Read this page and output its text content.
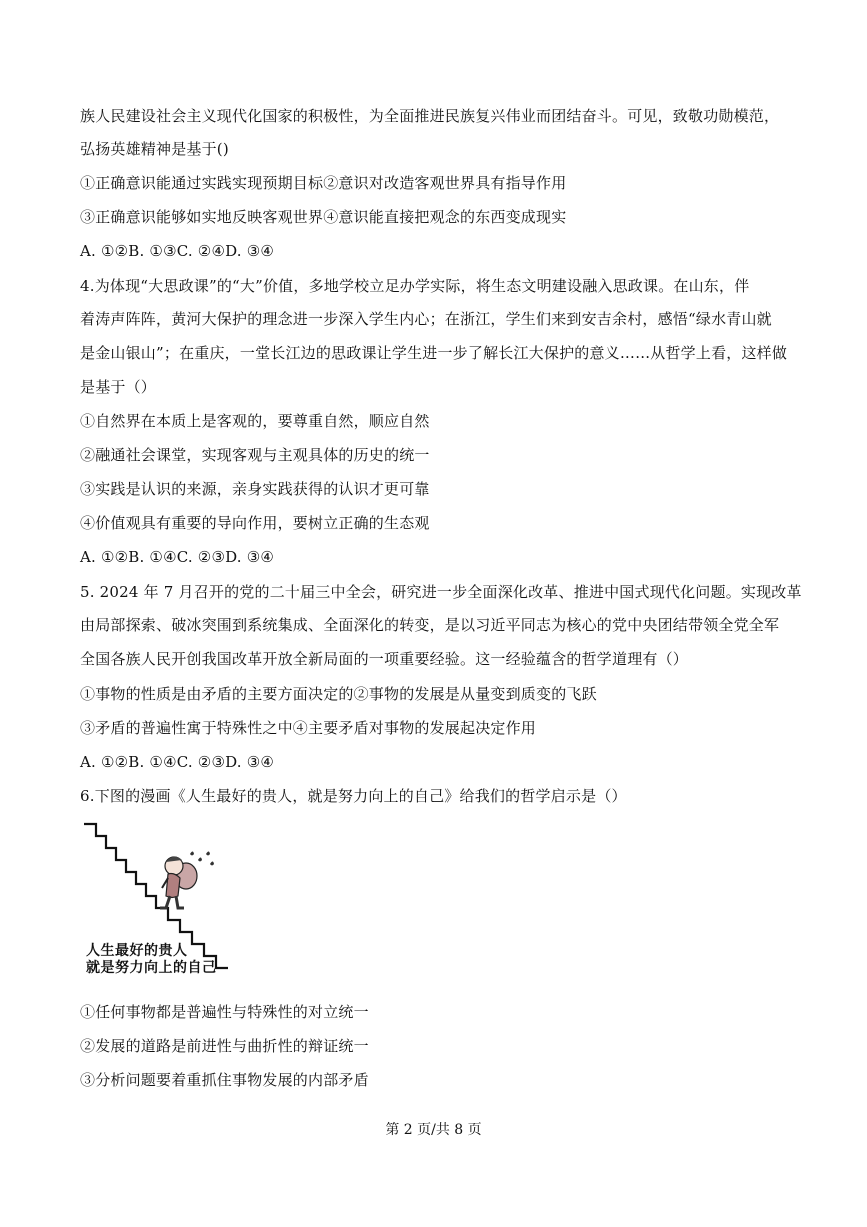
族人民建设社会主义现代化国家的积极性，为全面推进民族复兴伟业而团结奋斗。可见，致敬功勋模范，
弘扬英雄精神是基于()
①正确意识能通过实践实现预期目标②意识对改造客观世界具有指导作用
③正确意识能够如实地反映客观世界④意识能直接把观念的东西变成现实
A. ①②B. ①③C. ②④D. ③④
4.为体现“大思政课”的“大”价值，多地学校立足办学实际，将生态文明建设融入思政课。在山东，伴
着涛声阵阵，黄河大保护的理念进一步深入学生内心；在浙江，学生们来到安吉余村，感悟“绿水青山就
是金山银山”；在重庆，一堂长江边的思政课让学生进一步了解长江大保护的意义……从哲学上看，这样做
是基于（）
①自然界在本质上是客观的，要尊重自然，顺应自然
②融通社会课堂，实现客观与主观具体的历史的统一
③实践是认识的来源，亲身实践获得的认识才更可靠
④价值观具有重要的导向作用，要树立正确的生态观
A. ①②B. ①④C. ②③D. ③④
5. 2024 年 7 月召开的党的二十届三中全会，研究进一步全面深化改革、推进中国式现代化问题。实现改革
由局部探索、破冰突围到系统集成、全面深化的转变，是以习近平同志为核心的党中央团结带领全党全军
全国各族人民开创我国改革开放全新局面的一项重要经验。这一经验蕴含的哲学道理有（）
①事物的性质是由矛盾的主要方面决定的②事物的发展是从量变到质变的飞跃
③矛盾的普遍性寓于特殊性之中④主要矛盾对事物的发展起决定作用
A. ①②B. ①④C. ②③D. ③④
6.下图的漫画《人生最好的贵人，就是努力向上的自己》给我们的哲学启示是（）
人生最好的贵人
就是努力向上的自己
①任何事物都是普遍性与特殊性的对立统一
②发展的道路是前进性与曲折性的辩证统一
③分析问题要着重抓住事物发展的内部矛盾
第 2 页/共 8 页
